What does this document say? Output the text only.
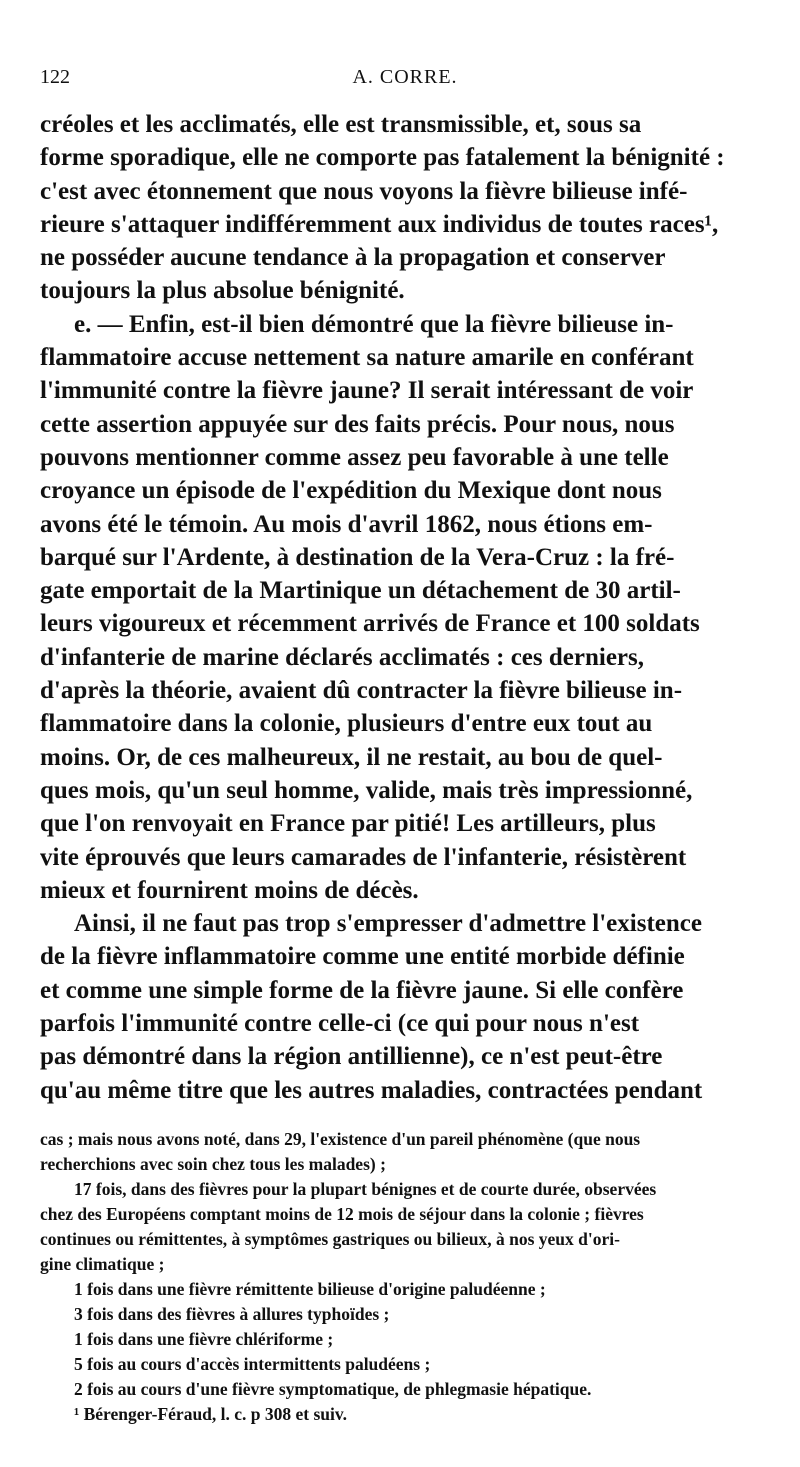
122	A. CORRE.

créoles et les acclimatés, elle est transmissible, et, sous sa
forme sporadique, elle ne comporte pas fatalement la bénignité :
c'est avec étonnement que nous voyons la fièvre bilieuse infé-
rieure s'attaquer indifféremment aux individus de toutes races¹,
ne posséder aucune tendance à la propagation et conserver
toujours la plus absolue bénignité.

e. — Enfin, est-il bien démontré que la fièvre bilieuse in-
flammatoire accuse nettement sa nature amarile en conférant
l'immunité contre la fièvre jaune? Il serait intéressant de voir
cette assertion appuyée sur des faits précis. Pour nous, nous
pouvons mentionner comme assez peu favorable à une telle
croyance un épisode de l'expédition du Mexique dont nous
avons été le témoin. Au mois d'avril 1862, nous étions em-
barqué sur l'Ardente, à destination de la Vera-Cruz : la fré-
gate emportait de la Martinique un détachement de 30 artil-
leurs vigoureux et récemment arrivés de France et 100 soldats
d'infanterie de marine déclarés acclimatés : ces derniers,
d'après la théorie, avaient dû contracter la fièvre bilieuse in-
flammatoire dans la colonie, plusieurs d'entre eux tout au
moins. Or, de ces malheureux, il ne restait, au bou de quel-
ques mois, qu'un seul homme, valide, mais très impressionné,
que l'on renvoyait en France par pitié! Les artilleurs, plus
vite éprouvés que leurs camarades de l'infanterie, résistèrent
mieux et fournirent moins de décès.

Ainsi, il ne faut pas trop s'empresser d'admettre l'existence
de la fièvre inflammatoire comme une entité morbide définie
et comme une simple forme de la fièvre jaune. Si elle confère
parfois l'immunité contre celle-ci (ce qui pour nous n'est
pas démontré dans la région antillienne), ce n'est peut-être
qu'au même titre que les autres maladies, contractées pendant

cas ; mais nous avons noté, dans 29, l'existence d'un pareil phénomène (que nous
recherchions avec soin chez tous les malades) ;
17 fois, dans des fièvres pour la plupart bénignes et de courte durée, observées
chez des Européens comptant moins de 12 mois de séjour dans la colonie ; fièvres
continues ou rémittentes, à symptômes gastriques ou bilieux, à nos yeux d'ori-
gine climatique ;
1 fois dans une fièvre rémittente bilieuse d'origine paludéenne ;
3 fois dans des fièvres à allures typhoïdes ;
1 fois dans une fièvre chlériforme ;
5 fois au cours d'accès intermittents paludéens ;
2 fois au cours d'une fièvre symptomatique, de phlegmasie hépatique.
¹ Bérenger-Féraud, l. c. p 308 et suiv.
